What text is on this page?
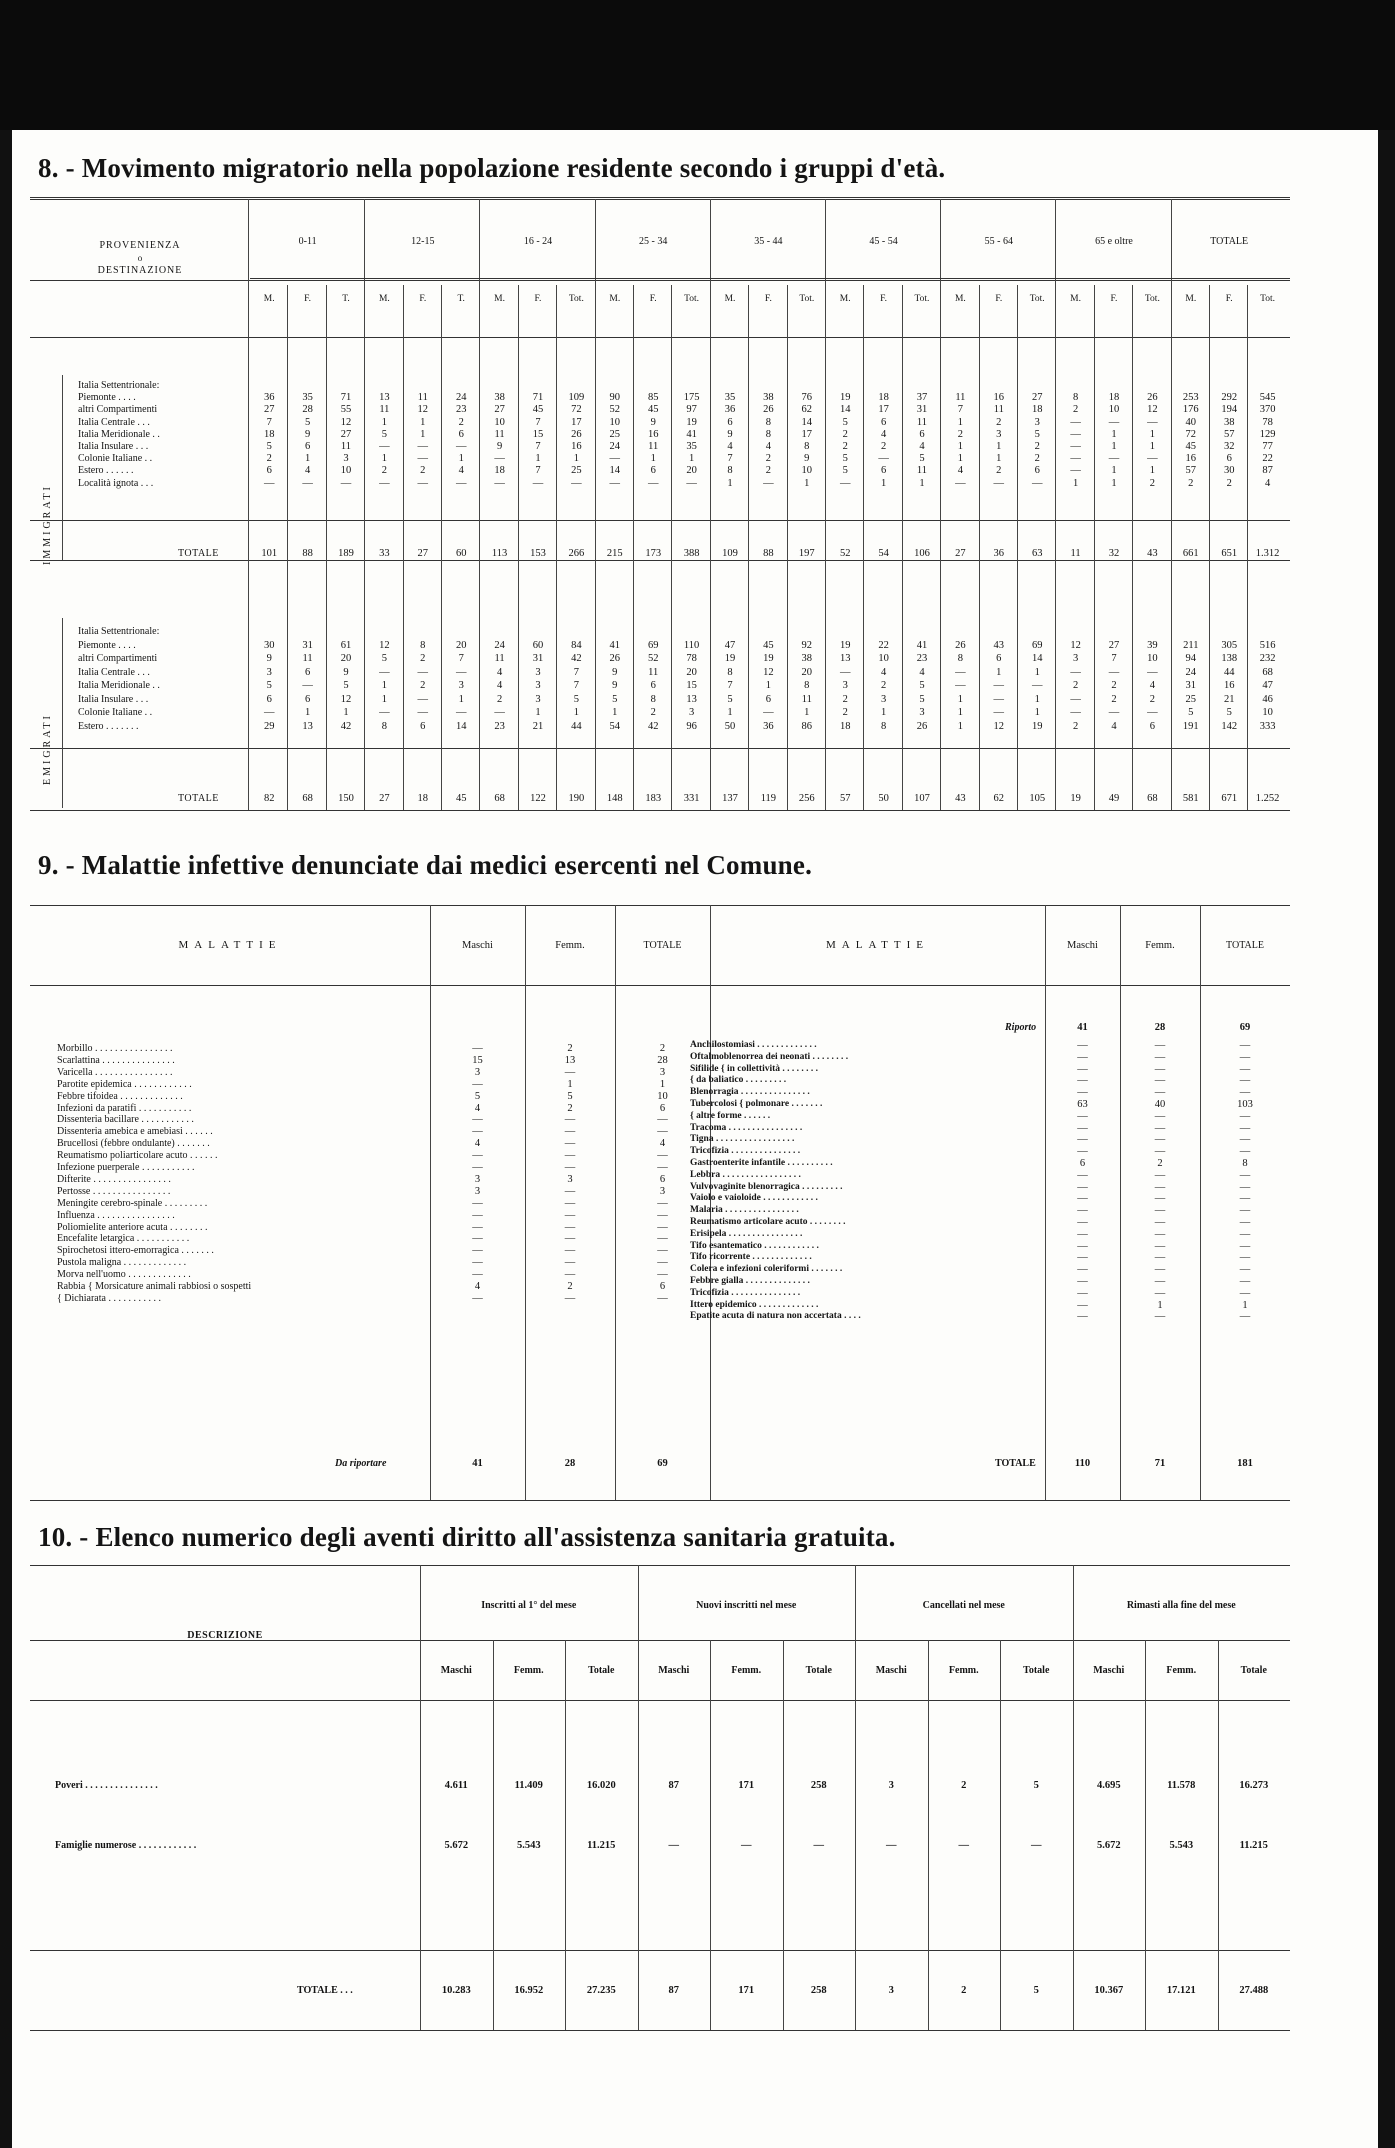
8. - Movimento migratorio nella popolazione residente secondo i gruppi d'età.
PROVENIENZA
o
DESTINAZIONE
0-11	12-15	16 - 24	25 - 34	35 - 44	45 - 54	55 - 64	65 e oltre	TOTALE
M.	F.	T.	M.	F.	T.	M.	F.	Tot.	M.	F.	Tot.	M.	F.	Tot.	M.	F.	Tot.	M.	F.	Tot.	M.	F.	Tot.	M.	F.	Tot.
IMMIGRATI
EMIGRATI
Italia Settentrionale:
Piemonte . . . .	36	35	71	13	11	24	38	71	109	90	85	175	35	38	76	19	18	37	11	16	27	8	18	26	253	292	545
altri Compartimenti	27	28	55	11	12	23	27	45	72	52	45	97	36	26	62	14	17	31	7	11	18	2	10	12	176	194	370
Italia Centrale . . .	7	5	12	1	1	2	10	7	17	10	9	19	6	8	14	5	6	11	1	2	3	—	—	—	40	38	78
Italia Meridionale . .	18	9	27	5	1	6	11	15	26	25	16	41	9	8	17	2	4	6	2	3	5	—	1	1	72	57	129
Italia Insulare . . .	5	6	11	—	—	—	9	7	16	24	11	35	4	4	8	2	2	4	1	1	2	—	1	1	45	32	77
Colonie Italiane . .	2	1	3	1	—	1	—	1	1	—	1	1	7	2	9	5	—	5	1	1	2	—	—	—	16	6	22
Estero . . . . . .	6	4	10	2	2	4	18	7	25	14	6	20	8	2	10	5	6	11	4	2	6	—	1	1	57	30	87
Località ignota . . .	—	—	—	—	—	—	—	—	—	—	—	—	1	—	1	—	1	1	—	—	—	1	1	2	2	2	4
TOTALE	101	88	189	33	27	60	113	153	266	215	173	388	109	88	197	52	54	106	27	36	63	11	32	43	661	651	1.312
Italia Settentrionale:
Piemonte . . . .	30	31	61	12	8	20	24	60	84	41	69	110	47	45	92	19	22	41	26	43	69	12	27	39	211	305	516
altri Compartimenti	9	11	20	5	2	7	11	31	42	26	52	78	19	19	38	13	10	23	8	6	14	3	7	10	94	138	232
Italia Centrale . . .	3	6	9	—	—	—	4	3	7	9	11	20	8	12	20	—	4	4	—	1	1	—	—	—	24	44	68
Italia Meridionale . .	5	—	5	1	2	3	4	3	7	9	6	15	7	1	8	3	2	5	—	—	—	2	2	4	31	16	47
Italia Insulare . . .	6	6	12	1	—	1	2	3	5	5	8	13	5	6	11	2	3	5	1	—	1	—	2	2	25	21	46
Colonie Italiane . .	—	1	1	—	—	—	—	1	1	1	2	3	1	—	1	2	1	3	1	—	1	—	—	—	5	5	10
Estero . . . . . . .	29	13	42	8	6	14	23	21	44	54	42	96	50	36	86	18	8	26	1	12	19	2	4	6	191	142	333
TOTALE	82	68	150	27	18	45	68	122	190	148	183	331	137	119	256	57	50	107	43	62	105	19	49	68	581	671	1.252
9. - Malattie infettive denunciate dai medici esercenti nel Comune.
MALATTIE	Maschi	Femm.	TOTALE	MALATTIE	Maschi	Femm.	TOTALE
Morbillo . . . . . . . . . . . . . . . .	—	2	2
Scarlattina . . . . . . . . . . . . . . .	15	13	28
Varicella . . . . . . . . . . . . . . . .	3	—	3
Parotite epidemica . . . . . . . . . . . .	—	1	1
Febbre tifoidea . . . . . . . . . . . . .	5	5	10
Infezioni da paratifi . . . . . . . . . . .	4	2	6
Dissenteria bacillare . . . . . . . . . . .	—	—	—
Dissenteria amebica e amebiasi . . . . . .	—	—	—
Brucellosi (febbre ondulante) . . . . . . .	4	—	4
Reumatismo poliarticolare acuto . . . . . .	—	—	—
Infezione puerperale . . . . . . . . . . .	—	—	—
Difterite . . . . . . . . . . . . . . . .	3	3	6
Pertosse . . . . . . . . . . . . . . . .	3	—	3
Meningite cerebro-spinale . . . . . . . . .	—	—	—
Influenza . . . . . . . . . . . . . . . .	—	—	—
Poliomielite anteriore acuta . . . . . . . .	—	—	—
Encefalite letargica . . . . . . . . . . .	—	—	—
Spirochetosi ittero-emorragica . . . . . . .	—	—	—
Pustola maligna . . . . . . . . . . . . .	—	—	—
Morva nell'uomo . . . . . . . . . . . . .	—	—	—
Rabbia { Morsicature animali rabbiosi o sospetti	4	2	6
{ Dichiarata . . . . . . . . . . .	—	—	—
Da riportare	41	28	69
Riporto	41	28	69
Anchilostomiasi . . . . . . . . . . . . .	—	—	—
Oftalmoblenorrea dei neonati . . . . . . . .	—	—	—
Sifilide { in collettività . . . . . . . .	—	—	—
{ da baliatico . . . . . . . . .	—	—	—
Blenorragia . . . . . . . . . . . . . . .	—	—	—
Tubercolosi { polmonare . . . . . . .	63	40	103
{ altre forme . . . . . .	—	—	—
Tracoma . . . . . . . . . . . . . . . .	—	—	—
Tigna . . . . . . . . . . . . . . . . .	—	—	—
Tricofizia . . . . . . . . . . . . . . .	—	—	—
Gastroenterite infantile . . . . . . . . . .	6	2	8
Lebbra . . . . . . . . . . . . . . . . .	—	—	—
Vulvovaginite blenorragica . . . . . . . . .	—	—	—
Vaiolo e vaioloide . . . . . . . . . . . .	—	—	—
Malaria . . . . . . . . . . . . . . . .	—	—	—
Reumatismo articolare acuto . . . . . . . .	—	—	—
Erisipela . . . . . . . . . . . . . . . .	—	—	—
Tifo esantematico . . . . . . . . . . . .	—	—	—
Tifo ricorrente . . . . . . . . . . . . .	—	—	—
Colera e infezioni coleriformi . . . . . . .	—	—	—
Febbre gialla . . . . . . . . . . . . . .	—	—	—
Tricofizia . . . . . . . . . . . . . . .	—	—	—
Ittero epidemico . . . . . . . . . . . . .	—	1	1
Epatite acuta di natura non accertata . . . .	—	—	—
TOTALE	110	71	181
10. - Elenco numerico degli aventi diritto all'assistenza sanitaria gratuita.
Inscritti al 1° del mese	Nuovi inscritti nel mese	Cancellati nel mese	Rimasti alla fine del mese
DESCRIZIONE
Maschi	Femm.	Totale	Maschi	Femm.	Totale	Maschi	Femm.	Totale	Maschi	Femm.	Totale
Poveri . . . . . . . . . . . . . . .	4.611	11.409	16.020	87	171	258	3	2	5	4.695	11.578	16.273
Famiglie numerose . . . . . . . . . . . .	5.672	5.543	11.215	—	—	—	—	—	—	5.672	5.543	11.215
TOTALE . . .	10.283	16.952	27.235	87	171	258	3	2	5	10.367	17.121	27.488
